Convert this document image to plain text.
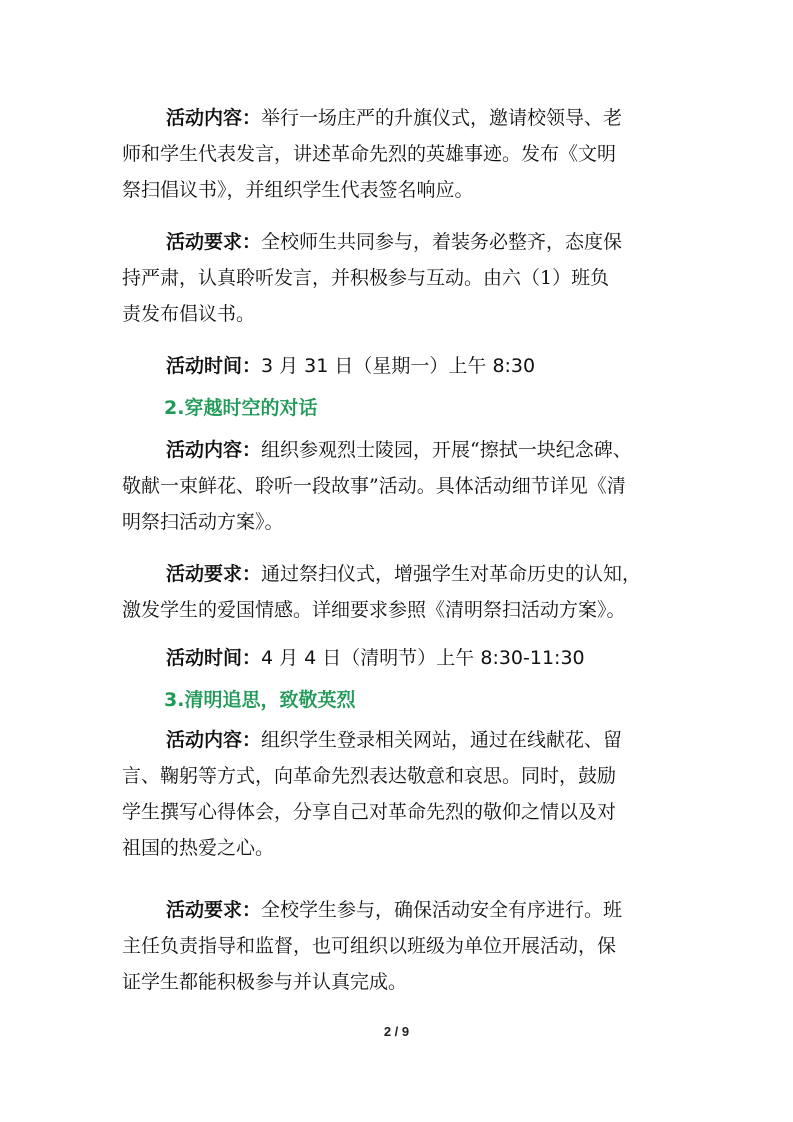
活动内容：举行一场庄严的升旗仪式，邀请校领导、老
师和学生代表发言，讲述革命先烈的英雄事迹。发布《文明
祭扫倡议书》，并组织学生代表签名响应。
活动要求：全校师生共同参与，着装务必整齐，态度保
持严肃，认真聆听发言，并积极参与互动。由六（1）班负
责发布倡议书。
活动时间：3 月 31 日（星期一）上午 8:30
2.穿越时空的对话
活动内容：组织参观烈士陵园，开展“擦拭一块纪念碑、
敬献一束鲜花、聆听一段故事”活动。具体活动细节详见《清
明祭扫活动方案》。
活动要求：通过祭扫仪式，增强学生对革命历史的认知，
激发学生的爱国情感。详细要求参照《清明祭扫活动方案》。
活动时间：4 月 4 日（清明节）上午 8:30-11:30
3.清明追思，致敬英烈
活动内容：组织学生登录相关网站，通过在线献花、留
言、鞠躬等方式，向革命先烈表达敬意和哀思。同时，鼓励
学生撰写心得体会，分享自己对革命先烈的敬仰之情以及对
祖国的热爱之心。
活动要求：全校学生参与，确保活动安全有序进行。班
主任负责指导和监督，也可组织以班级为单位开展活动，保
证学生都能积极参与并认真完成。
2 / 9
